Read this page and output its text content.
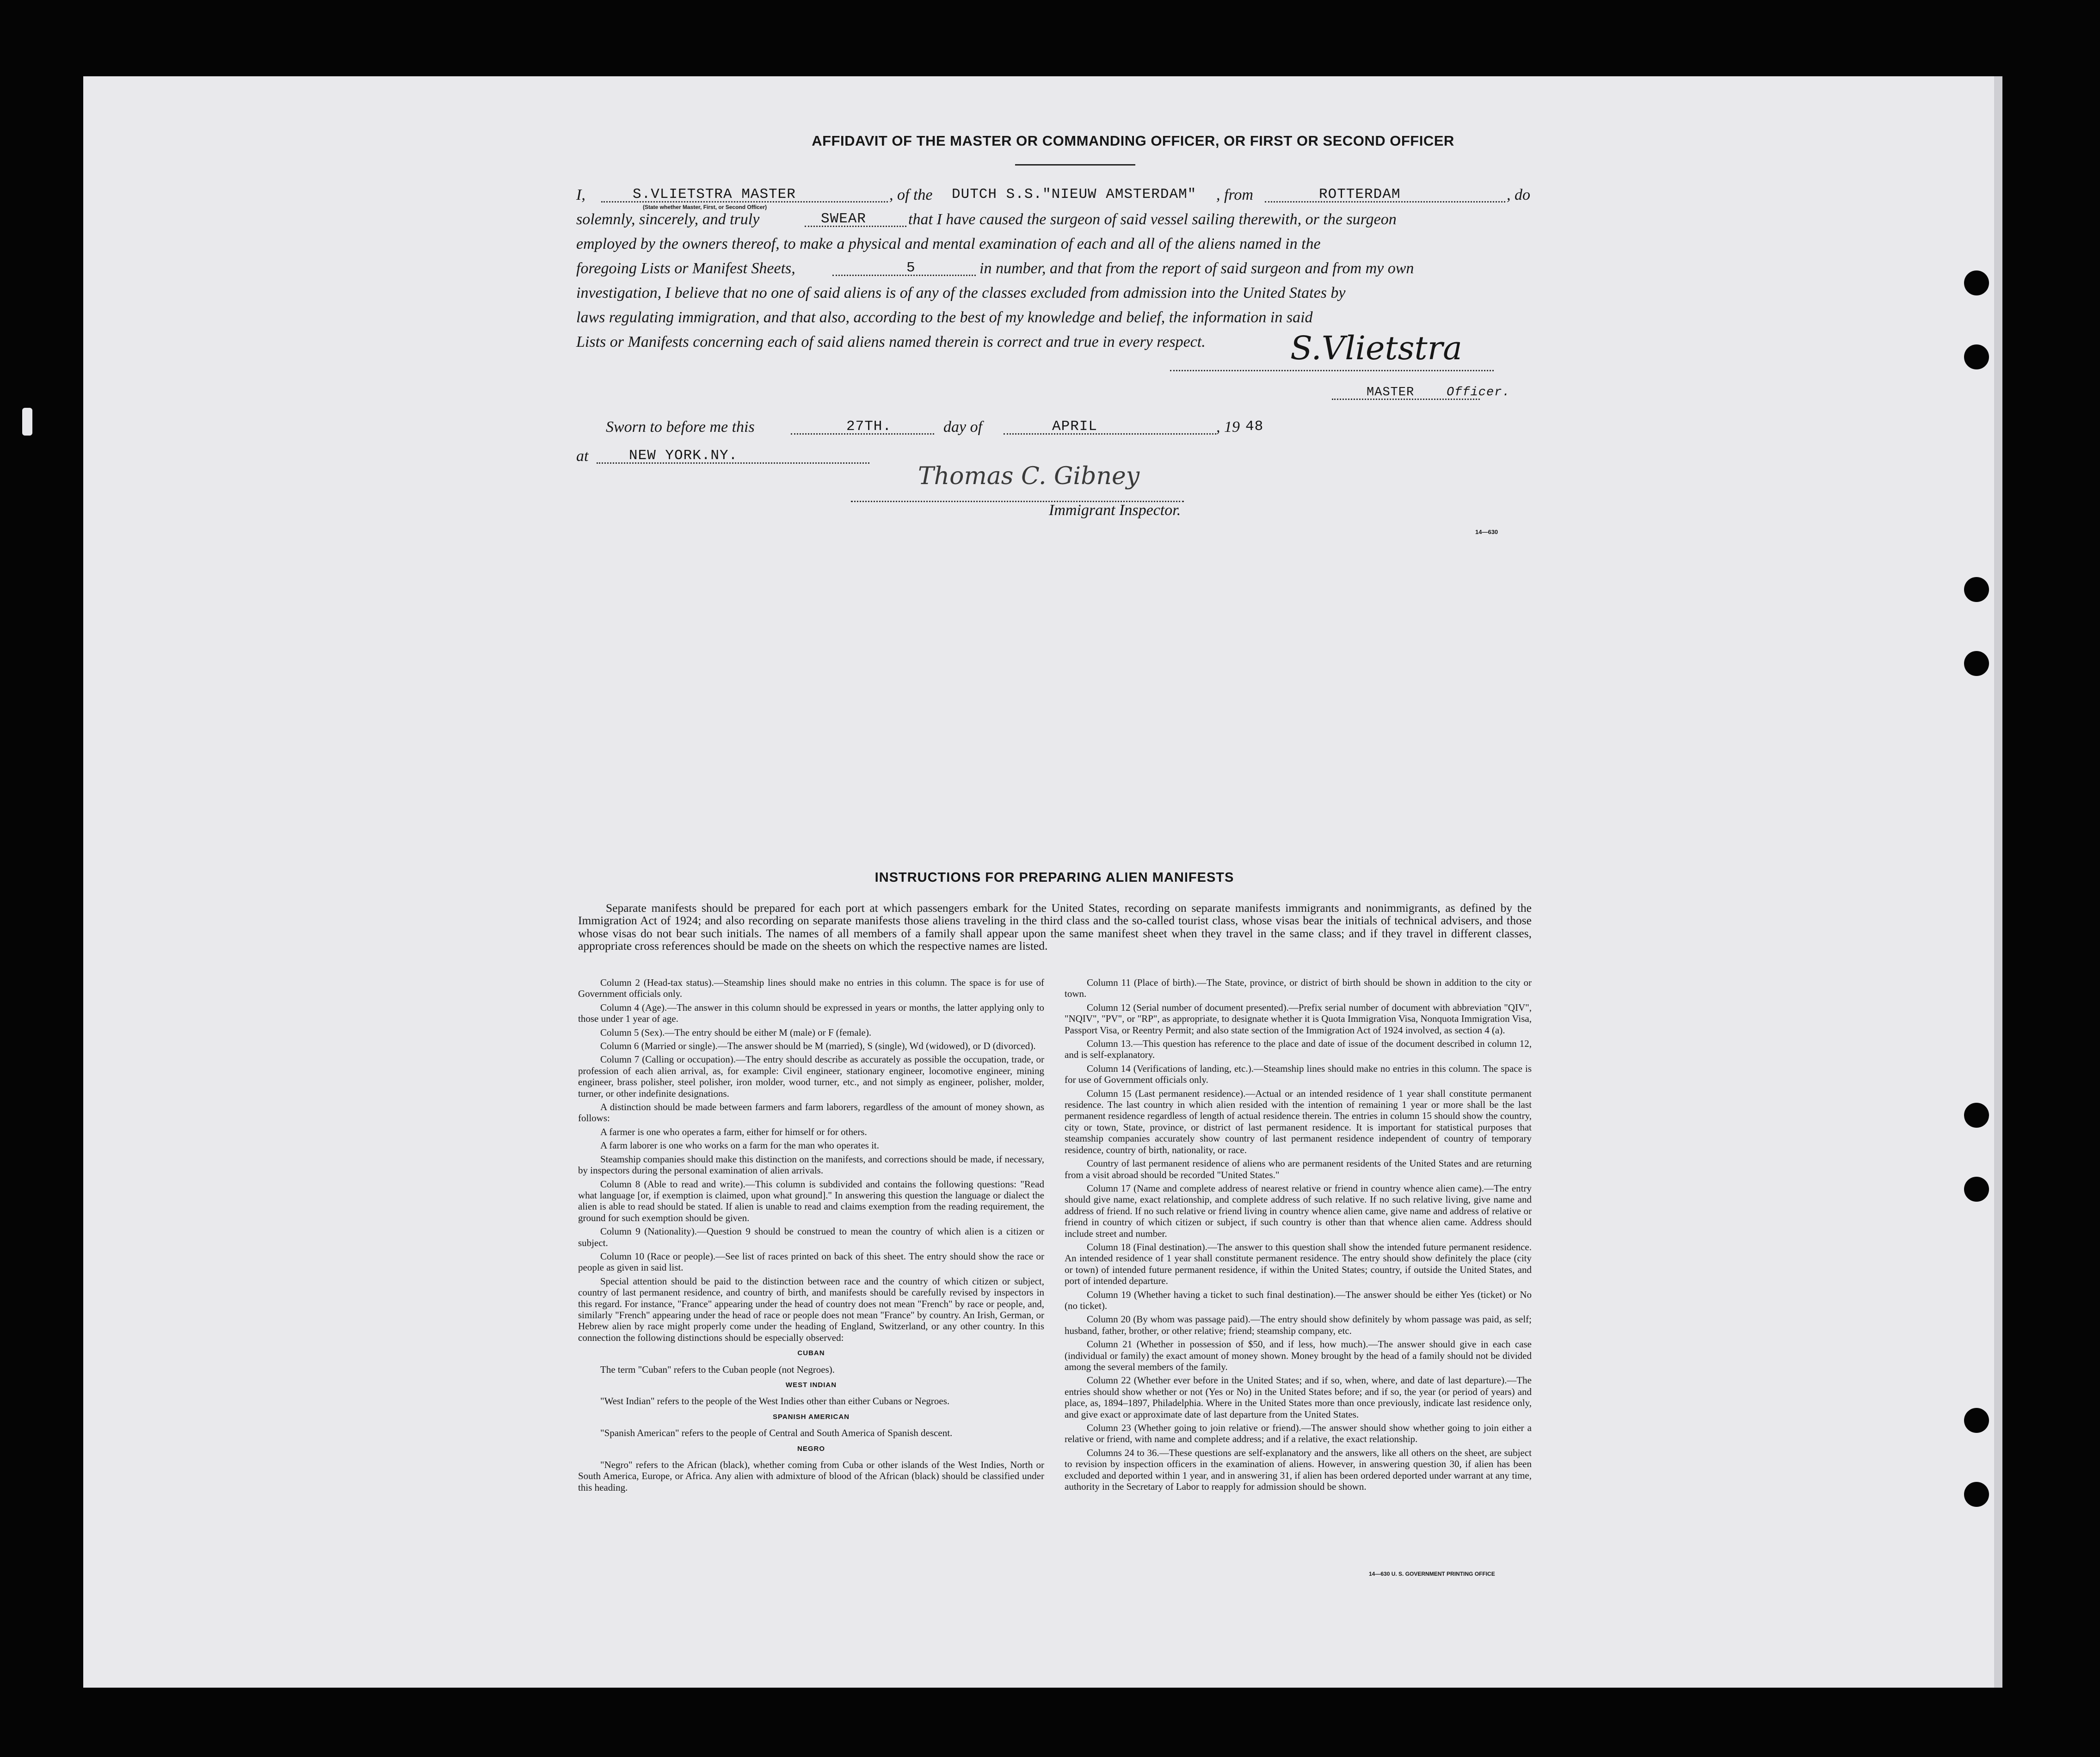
AFFIDAVIT OF THE MASTER OR COMMANDING OFFICER, OR FIRST OR SECOND OFFICER
I,	S.VLIETSTRA MASTER
(State whether Master, First, or Second Officer)
, of the DUTCH S.S."NIEUW AMSTERDAM" , from	ROTTERDAM	, do
solemnly, sincerely, and truly	SWEAR	that I have caused the surgeon of said vessel sailing therewith, or the surgeon
employed by the owners thereof, to make a physical and mental examination of each and all of the aliens named in the
foregoing Lists or Manifest Sheets,	5	in number, and that from the report of said surgeon and from my own
investigation, I believe that no one of said aliens is of any of the classes excluded from admission into the United States by
laws regulating immigration, and that also, according to the best of my knowledge and belief, the information in said
Lists or Manifests concerning each of said aliens named therein is correct and true in every respect.	S.Vlietstra
MASTER	Officer.
Sworn to before me this	27TH.	day of	APRIL	, 19 48
at	NEW YORK.NY.
Thomas C. Gibney
Immigrant Inspector.
14—630
INSTRUCTIONS FOR PREPARING ALIEN MANIFESTS
Separate manifests should be prepared for each port at which passengers embark for the United States, recording on separate manifests immigrants and nonimmigrants, as defined by the Immigration Act of 1924; and also recording on separate manifests those aliens traveling in the third class and the so-called tourist class, whose visas bear the initials of technical advisers, and those whose visas do not bear such initials. The names of all members of a family shall appear upon the same manifest sheet when they travel in the same class; and if they travel in different classes, appropriate cross references should be made on the sheets on which the respective names are listed.

Column 2 (Head-tax status).—Steamship lines should make no entries in this column. The space is for use of Government officials only.

Column 4 (Age).—The answer in this column should be expressed in years or months, the latter applying only to those under 1 year of age.

Column 5 (Sex).—The entry should be either M (male) or F (female).

Column 6 (Married or single).—The answer should be M (married), S (single), Wd (widowed), or D (divorced).

Column 7 (Calling or occupation).—The entry should describe as accurately as possible the occupation, trade, or profession of each alien arrival, as, for example: Civil engineer, stationary engineer, locomotive engineer, mining engineer, brass polisher, steel polisher, iron molder, wood turner, etc., and not simply as engineer, polisher, molder, turner, or other indefinite designations.

A distinction should be made between farmers and farm laborers, regardless of the amount of money shown, as follows:

A farmer is one who operates a farm, either for himself or for others.

A farm laborer is one who works on a farm for the man who operates it.

Steamship companies should make this distinction on the manifests, and corrections should be made, if necessary, by inspectors during the personal examination of alien arrivals.

Column 8 (Able to read and write).—This column is subdivided and contains the following questions: "Read what language [or, if exemption is claimed, upon what ground]." In answering this question the language or dialect the alien is able to read should be stated. If alien is unable to read and claims exemption from the reading requirement, the ground for such exemption should be given.

Column 9 (Nationality).—Question 9 should be construed to mean the country of which alien is a citizen or subject.

Column 10 (Race or people).—See list of races printed on back of this sheet. The entry should show the race or people as given in said list.

Special attention should be paid to the distinction between race and the country of which citizen or subject, country of last permanent residence, and country of birth, and manifests should be carefully revised by inspectors in this regard. For instance, "France" appearing under the head of country does not mean "French" by race or people, and, similarly "French" appearing under the head of race or people does not mean "France" by country. An Irish, German, or Hebrew alien by race might properly come under the heading of England, Switzerland, or any other country. In this connection the following distinctions should be especially observed:

CUBAN

The term "Cuban" refers to the Cuban people (not Negroes).

WEST INDIAN

"West Indian" refers to the people of the West Indies other than either Cubans or Negroes.

SPANISH AMERICAN

"Spanish American" refers to the people of Central and South America of Spanish descent.

NEGRO

"Negro" refers to the African (black), whether coming from Cuba or other islands of the West Indies, North or South America, Europe, or Africa. Any alien with admixture of blood of the African (black) should be classified under this heading.

Column 11 (Place of birth).—The State, province, or district of birth should be shown in addition to the city or town.

Column 12 (Serial number of document presented).—Prefix serial number of document with abbreviation "QIV", "NQIV", "PV", or "RP", as appropriate, to designate whether it is Quota Immigration Visa, Nonquota Immigration Visa, Passport Visa, or Reentry Permit; and also state section of the Immigration Act of 1924 involved, as section 4 (a).

Column 13.—This question has reference to the place and date of issue of the document described in column 12, and is self-explanatory.

Column 14 (Verifications of landing, etc.).—Steamship lines should make no entries in this column. The space is for use of Government officials only.

Column 15 (Last permanent residence).—Actual or an intended residence of 1 year shall constitute permanent residence. The last country in which alien resided with the intention of remaining 1 year or more shall be the last permanent residence regardless of length of actual residence therein. The entries in column 15 should show the country, city or town, State, province, or district of last permanent residence. It is important for statistical purposes that steamship companies accurately show country of last permanent residence independent of country of temporary residence, country of birth, nationality, or race.

Country of last permanent residence of aliens who are permanent residents of the United States and are returning from a visit abroad should be recorded "United States."

Column 17 (Name and complete address of nearest relative or friend in country whence alien came).—The entry should give name, exact relationship, and complete address of such relative. If no such relative living, give name and address of friend. If no such relative or friend living in country whence alien came, give name and address of relative or friend in country of which citizen or subject, if such country is other than that whence alien came. Address should include street and number.

Column 18 (Final destination).—The answer to this question shall show the intended future permanent residence. An intended residence of 1 year shall constitute permanent residence. The entry should show definitely the place (city or town) of intended future permanent residence, if within the United States; country, if outside the United States, and port of intended departure.

Column 19 (Whether having a ticket to such final destination).—The answer should be either Yes (ticket) or No (no ticket).

Column 20 (By whom was passage paid).—The entry should show definitely by whom passage was paid, as self; husband, father, brother, or other relative; friend; steamship company, etc.

Column 21 (Whether in possession of $50, and if less, how much).—The answer should give in each case (individual or family) the exact amount of money shown. Money brought by the head of a family should not be divided among the several members of the family.

Column 22 (Whether ever before in the United States; and if so, when, where, and date of last departure).—The entries should show whether or not (Yes or No) in the United States before; and if so, the year (or period of years) and place, as, 1894–1897, Philadelphia. Where in the United States more than once previously, indicate last residence only, and give exact or approximate date of last departure from the United States.

Column 23 (Whether going to join relative or friend).—The answer should show whether going to join either a relative or friend, with name and complete address; and if a relative, the exact relationship.

Columns 24 to 36.—These questions are self-explanatory and the answers, like all others on the sheet, are subject to revision by inspection officers in the examination of aliens. However, in answering question 30, if alien has been excluded and deported within 1 year, and in answering 31, if alien has been ordered deported under warrant at any time, authority in the Secretary of Labor to reapply for admission should be shown.

14—630 U. S. GOVERNMENT PRINTING OFFICE
